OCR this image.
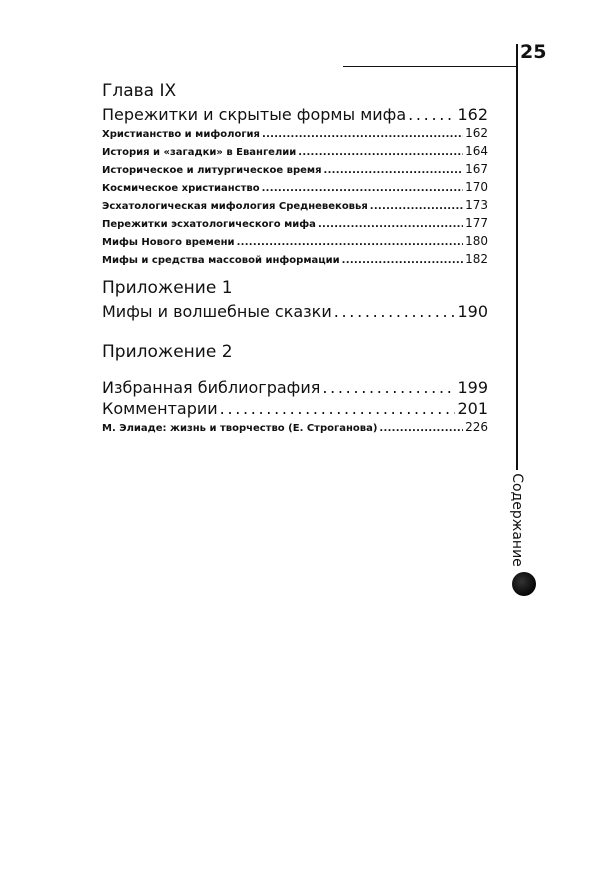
25
Содержание
Глава IX
Пережитки и скрытые формы мифа . . .	162
Христианство и мифология . . .	162
История и «загадки» в Евангелии . . .	164
Историческое и литургическое время . . .	167
Космическое христианство . . .	170
Эсхатологическая мифология Средневековья . . .	173
Пережитки эсхатологического мифа . . .	177
Мифы Нового времени . . .	180
Мифы и средства массовой информации . . .	182
Приложение 1
Мифы и волшебные сказки . . .	190
Приложение 2
Избранная библиография . . .	199
Комментарии . . .	201
М. Элиаде: жизнь и творчество (Е. Строганова) . . .	226
